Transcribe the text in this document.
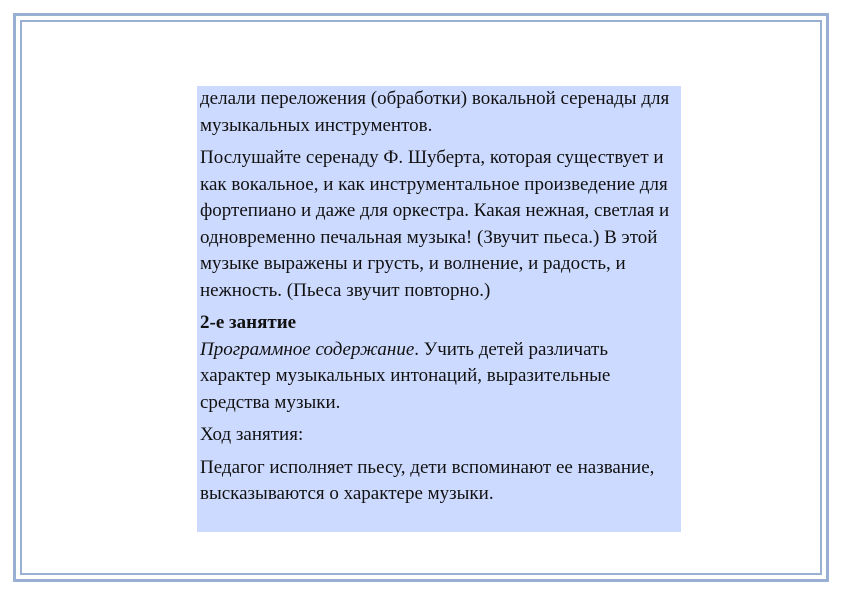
делали переложения (обработки) вокальной серенады для музыкальных инструментов.

Послушайте серенаду Ф. Шуберта, которая существует и как вокальное, и как инструментальное произведение для фортепиано и даже для оркестра. Какая нежная, светлая и одновременно печальная музыка! (Звучит пьеса.) В этой музыке выражены и грусть, и волнение, и радость, и нежность. (Пьеса звучит повторно.)

2-е занятие

Программное содержание. Учить детей различать характер музыкальных интонаций, выразительные средства музыки.

Ход занятия:

Педагог исполняет пьесу, дети вспоминают ее название, высказываются о характере музыки.
